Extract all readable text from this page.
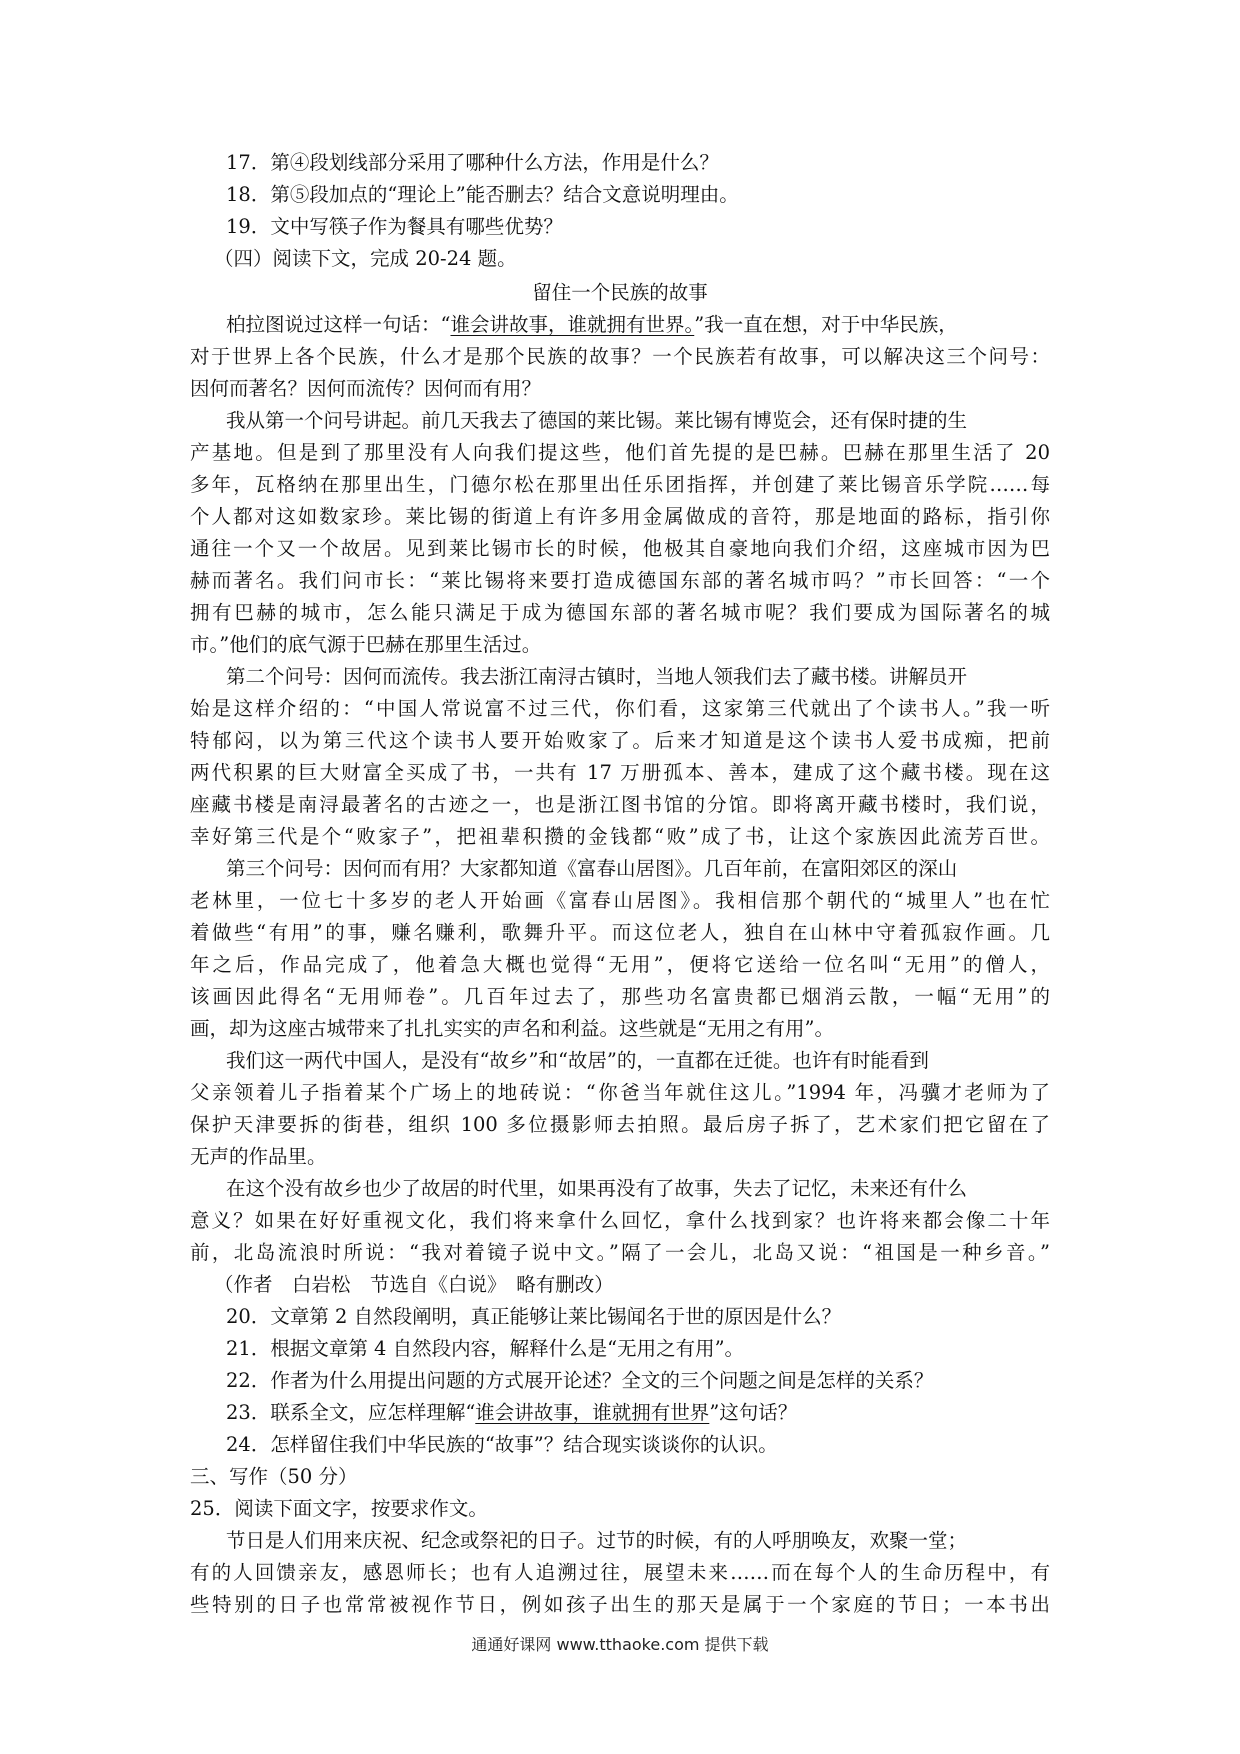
17．第④段划线部分采用了哪种什么方法，作用是什么？
18．第⑤段加点的“理论上”能否删去？结合文意说明理由。
19．文中写筷子作为餐具有哪些优势？
（四）阅读下文，完成 20-24 题。
留住一个民族的故事
柏拉图说过这样一句话：“谁会讲故事，谁就拥有世界。”我一直在想，对于中华民族，
对于世界上各个民族，什么才是那个民族的故事？一个民族若有故事，可以解决这三个问号：
因何而著名？因何而流传？因何而有用？
我从第一个问号讲起。前几天我去了德国的莱比锡。莱比锡有博览会，还有保时捷的生
产基地。但是到了那里没有人向我们提这些，他们首先提的是巴赫。巴赫在那里生活了 20
多年，瓦格纳在那里出生，门德尔松在那里出任乐团指挥，并创建了莱比锡音乐学院……每
个人都对这如数家珍。莱比锡的街道上有许多用金属做成的音符，那是地面的路标，指引你
通往一个又一个故居。见到莱比锡市长的时候，他极其自豪地向我们介绍，这座城市因为巴
赫而著名。我们问市长：“莱比锡将来要打造成德国东部的著名城市吗？”市长回答：“一个
拥有巴赫的城市，怎么能只满足于成为德国东部的著名城市呢？我们要成为国际著名的城
市。”他们的底气源于巴赫在那里生活过。
第二个问号：因何而流传。我去浙江南浔古镇时，当地人领我们去了藏书楼。讲解员开
始是这样介绍的：“中国人常说富不过三代，你们看，这家第三代就出了个读书人。”我一听
特郁闷，以为第三代这个读书人要开始败家了。后来才知道是这个读书人爱书成痴，把前
两代积累的巨大财富全买成了书，一共有 17 万册孤本、善本，建成了这个藏书楼。现在这
座藏书楼是南浔最著名的古迹之一，也是浙江图书馆的分馆。即将离开藏书楼时，我们说，
幸好第三代是个“败家子”，把祖辈积攒的金钱都“败”成了书，让这个家族因此流芳百世。
第三个问号：因何而有用？大家都知道《富春山居图》。几百年前，在富阳郊区的深山
老林里，一位七十多岁的老人开始画《富春山居图》。我相信那个朝代的“城里人”也在忙
着做些“有用”的事，赚名赚利，歌舞升平。而这位老人，独自在山林中守着孤寂作画。几
年之后，作品完成了，他着急大概也觉得“无用”，便将它送给一位名叫“无用”的僧人，
该画因此得名“无用师卷”。几百年过去了，那些功名富贵都已烟消云散，一幅“无用”的
画，却为这座古城带来了扎扎实实的声名和利益。这些就是“无用之有用”。
我们这一两代中国人，是没有“故乡”和“故居”的，一直都在迁徙。也许有时能看到
父亲领着儿子指着某个广场上的地砖说：“你爸当年就住这儿。”1994 年，冯骥才老师为了
保护天津要拆的街巷，组织 100 多位摄影师去拍照。最后房子拆了，艺术家们把它留在了
无声的作品里。
在这个没有故乡也少了故居的时代里，如果再没有了故事，失去了记忆，未来还有什么
意义？如果在好好重视文化，我们将来拿什么回忆，拿什么找到家？也许将来都会像二十年
前，北岛流浪时所说：“我对着镜子说中文。”隔了一会儿，北岛又说：“祖国是一种乡音。”
（作者　白岩松　节选自《白说》　略有删改）
20．文章第 2 自然段阐明，真正能够让莱比锡闻名于世的原因是什么？
21．根据文章第 4 自然段内容，解释什么是“无用之有用”。
22．作者为什么用提出问题的方式展开论述？全文的三个问题之间是怎样的关系？
23．联系全文，应怎样理解“谁会讲故事，谁就拥有世界”这句话？
24．怎样留住我们中华民族的“故事”？结合现实谈谈你的认识。
三、写作（50 分）
25．阅读下面文字，按要求作文。
节日是人们用来庆祝、纪念或祭祀的日子。过节的时候，有的人呼朋唤友，欢聚一堂；
有的人回馈亲友，感恩师长；也有人追溯过往，展望未来……而在每个人的生命历程中，有
些特别的日子也常常被视作节日，例如孩子出生的那天是属于一个家庭的节日；一本书出
通通好课网 www.tthaoke.com 提供下载
